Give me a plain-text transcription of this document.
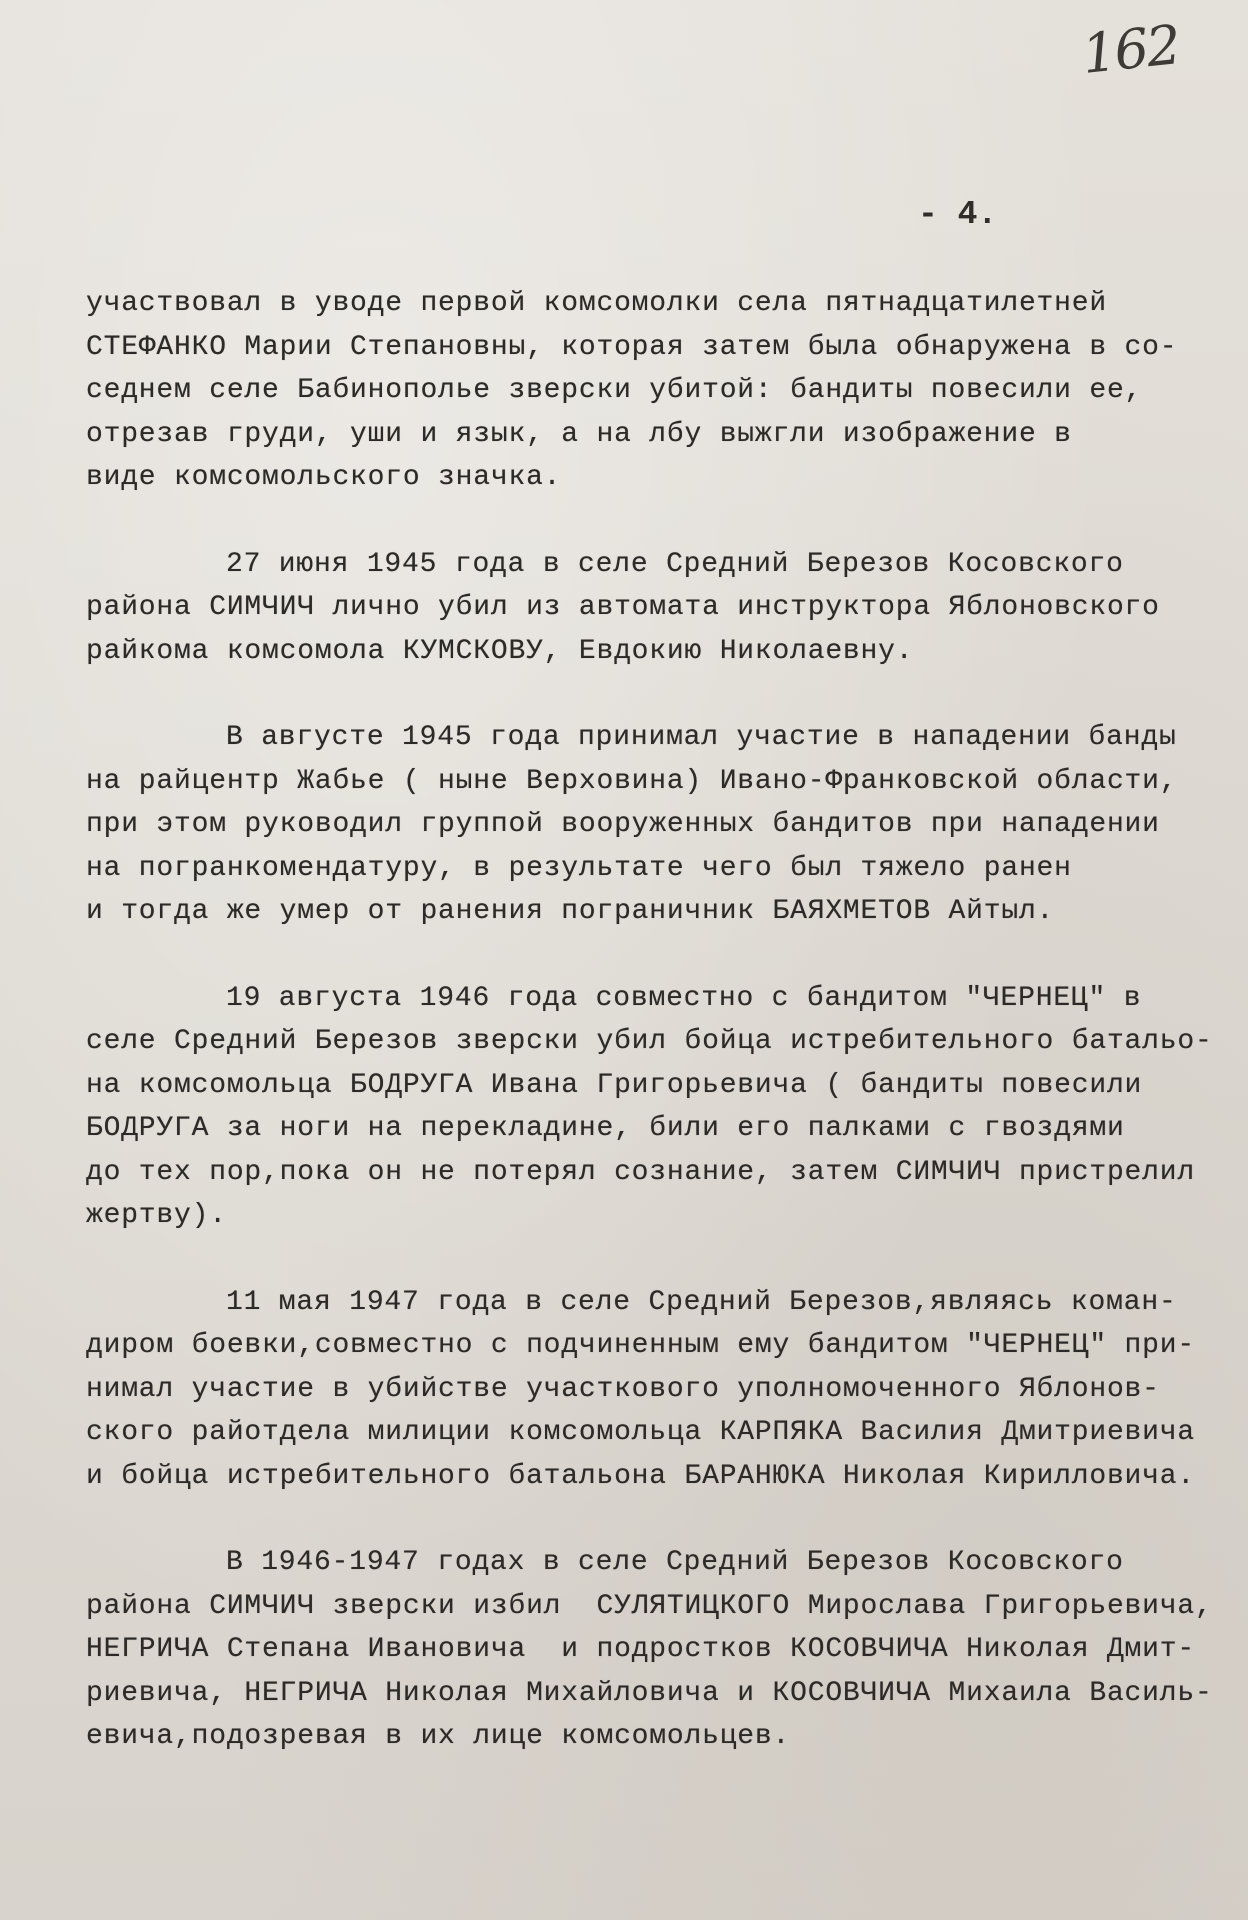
162
- 4.
участвовал в уводе первой комсомолки села пятнадцатилетней
СТЕФАНКО Марии Степановны, которая затем была обнаружена в со-
седнем селе Бабинополье зверски убитой: бандиты повесили ее,
отрезав груди, уши и язык, а на лбу выжгли изображение в
виде комсомольского значка.
27 июня 1945 года в селе Средний Березов Косовского
района СИМЧИЧ лично убил из автомата инструктора Яблоновского
райкома комсомола КУМСКОВУ, Евдокию Николаевну.
В августе 1945 года принимал участие в нападении банды
на райцентр Жабье ( ныне Верховина) Ивано-Франковской области,
при этом руководил группой вооруженных бандитов при нападении
на погранкомендатуру, в результате чего был тяжело ранен
и тогда же умер от ранения пограничник БАЯХМЕТОВ Айтыл.
19 августа 1946 года совместно с бандитом "ЧЕРНЕЦ" в
селе Средний Березов зверски убил бойца истребительного батальо-
на комсомольца БОДРУГА Ивана Григорьевича ( бандиты повесили
БОДРУГА за ноги на перекладине, били его палками с гвоздями
до тех пор,пока он не потерял сознание, затем СИМЧИЧ пристрелил
жертву).
11 мая 1947 года в селе Средний Березов,являясь коман-
диром боевки,совместно с подчиненным ему бандитом "ЧЕРНЕЦ" при-
нимал участие в убийстве участкового уполномоченного Яблонов-
ского райотдела милиции комсомольца КАРПЯКА Василия Дмитриевича
и бойца истребительного батальона БАРАНЮКА Николая Кирилловича.
В 1946-1947 годах в селе Средний Березов Косовского
района СИМЧИЧ зверски избил  СУЛЯТИЦКОГО Мирослава Григорьевича,
НЕГРИЧА Степана Ивановича  и подростков КОСОВЧИЧА Николая Дмит-
риевича, НЕГРИЧА Николая Михайловича и КОСОВЧИЧА Михаила Василь-
евича,подозревая в их лице комсомольцев.
